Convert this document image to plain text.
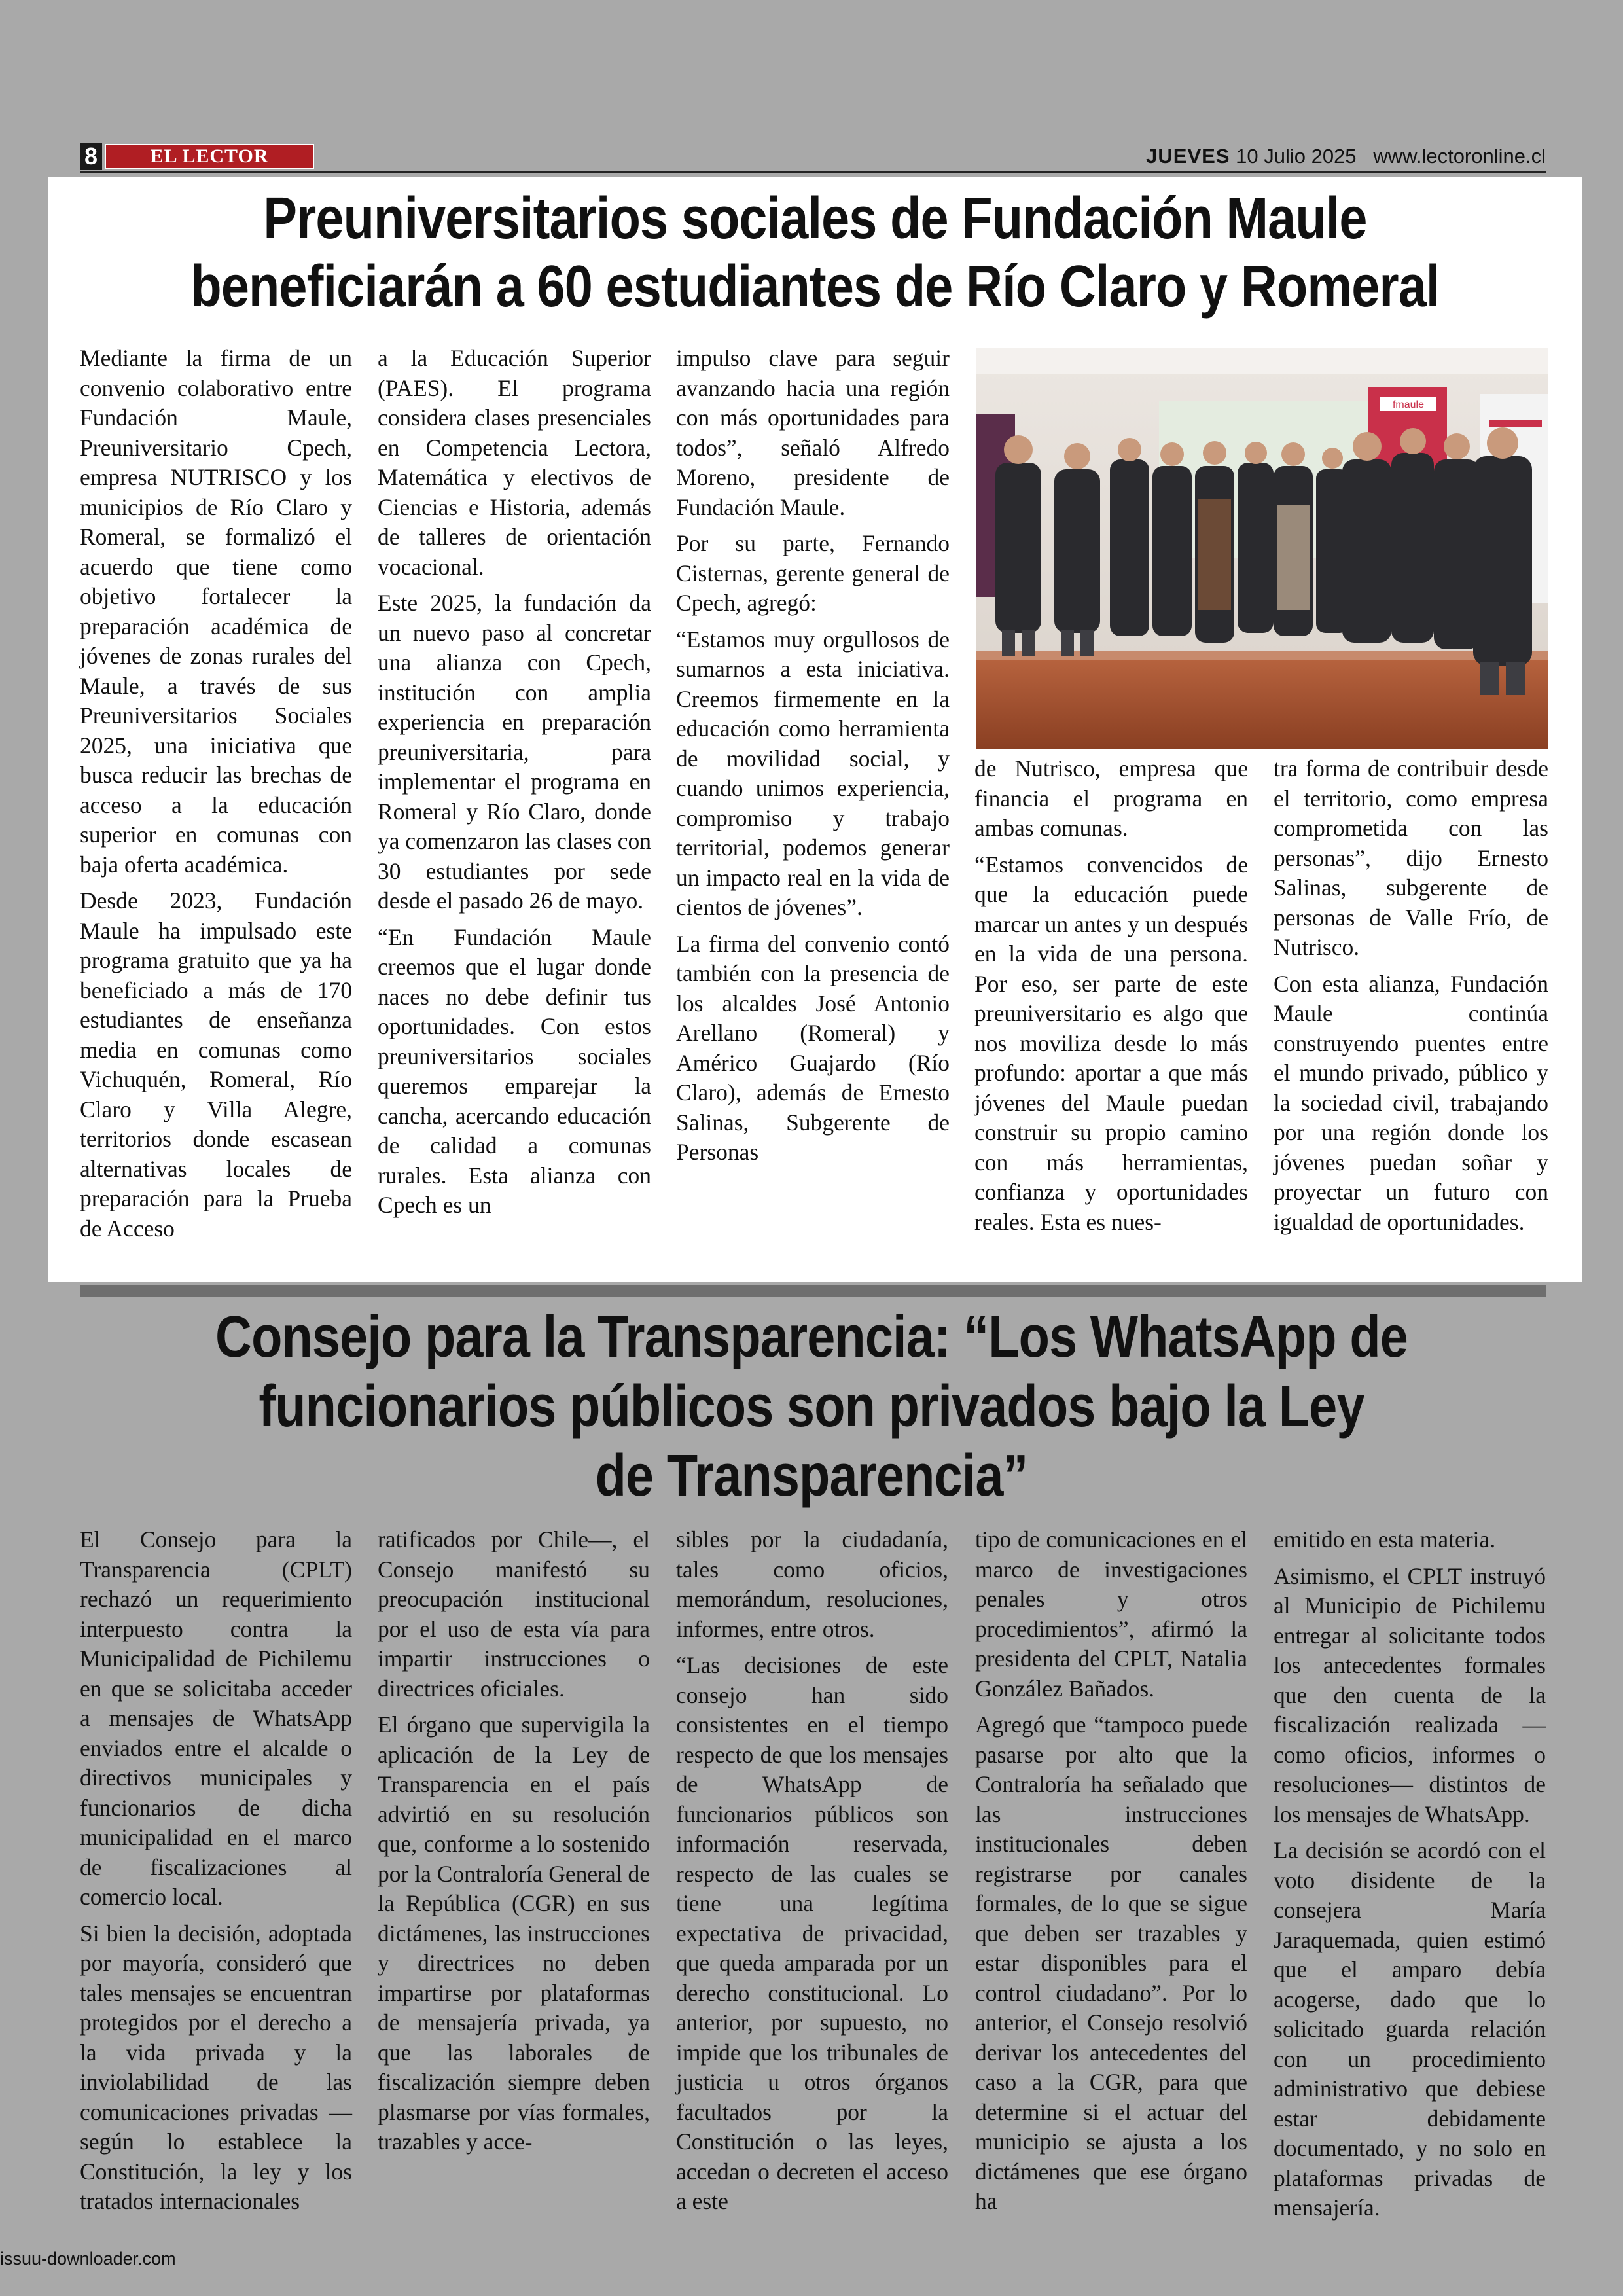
8	EL LECTOR	JUEVES 10 Julio 2025 www.lectoronline.cl
Preuniversitarios sociales de Fundación Maule
beneficiarán a 60 estudiantes de Río Claro y Romeral

Mediante la firma de un convenio colaborativo entre Fundación Maule, Preuniversitario Cpech, empresa NUTRISCO y los municipios de Río Claro y Romeral, se formalizó el acuerdo que tiene como objetivo fortalecer la preparación académica de jóvenes de zonas rurales del Maule, a través de sus Preuniversitarios Sociales 2025, una iniciativa que busca reducir las brechas de acceso a la educación superior en comunas con baja oferta académica.

Desde 2023, Fundación Maule ha impulsado este programa gratuito que ya ha beneficiado a más de 170 estudiantes de enseñanza media en comunas como Vichuquén, Romeral, Río Claro y Villa Alegre, territorios donde escasean alternativas locales de preparación para la Prueba de Acceso

a la Educación Superior (PAES). El programa considera clases presenciales en Competencia Lectora, Matemática y electivos de Ciencias e Historia, además de talleres de orientación vocacional.

Este 2025, la fundación da un nuevo paso al concretar una alianza con Cpech, institución con amplia experiencia en preparación preuniversitaria, para implementar el programa en Romeral y Río Claro, donde ya comenzaron las clases con 30 estudiantes por sede desde el pasado 26 de mayo.

“En Fundación Maule creemos que el lugar donde naces no debe definir tus oportunidades. Con estos preuniversitarios sociales queremos emparejar la cancha, acercando educación de calidad a comunas rurales. Esta alianza con Cpech es un

impulso clave para seguir avanzando hacia una región con más oportunidades para todos”, señaló Alfredo Moreno, presidente de Fundación Maule.

Por su parte, Fernando Cisternas, gerente general de Cpech, agregó:

“Estamos muy orgullosos de sumarnos a esta iniciativa. Creemos firmemente en la educación como herramienta de movilidad social, y cuando unimos experiencia, compromiso y trabajo territorial, podemos generar un impacto real en la vida de cientos de jóvenes”.

La firma del convenio contó también con la presencia de los alcaldes José Antonio Arellano (Romeral) y Américo Guajardo (Río Claro), además de Ernesto Salinas, Subgerente de Personas

fmaule

de Nutrisco, empresa que financia el programa en ambas comunas.

“Estamos convencidos de que la educación puede marcar un antes y un después en la vida de una persona. Por eso, ser parte de este preuniversitario es algo que nos moviliza desde lo más profundo: aportar a que más jóvenes del Maule puedan construir su propio camino con más herramientas, confianza y oportunidades reales. Esta es nues-

tra forma de contribuir desde el territorio, como empresa comprometida con las personas”, dijo Ernesto Salinas, subgerente de personas de Valle Frío, de Nutrisco.

Con esta alianza, Fundación Maule continúa construyendo puentes entre el mundo privado, público y la sociedad civil, trabajando por una región donde los jóvenes puedan soñar y proyectar un futuro con igualdad de oportunidades.

Consejo para la Transparencia: “Los WhatsApp de
funcionarios públicos son privados bajo la Ley
de Transparencia”

El Consejo para la Transparencia (CPLT) rechazó un requerimiento interpuesto contra la Municipalidad de Pichilemu en que se solicitaba acceder a mensajes de WhatsApp enviados entre el alcalde o directivos municipales y funcionarios de dicha municipalidad en el marco de fiscalizaciones al comercio local.

Si bien la decisión, adoptada por mayoría, consideró que tales mensajes se encuentran protegidos por el derecho a la vida privada y la inviolabilidad de las comunicaciones privadas —según lo establece la Constitución, la ley y los tratados internacionales

ratificados por Chile—, el Consejo manifestó su preocupación institucional por el uso de esta vía para impartir instrucciones o directrices oficiales.

El órgano que supervigila la aplicación de la Ley de Transparencia en el país advirtió en su resolución que, conforme a lo sostenido por la Contraloría General de la República (CGR) en sus dictámenes, las instrucciones y directrices no deben impartirse por plataformas de mensajería privada, ya que las laborales de fiscalización siempre deben plasmarse por vías formales, trazables y acce-

sibles por la ciudadanía, tales como oficios, memorándum, resoluciones, informes, entre otros.

“Las decisiones de este consejo han sido consistentes en el tiempo respecto de que los mensajes de WhatsApp de funcionarios públicos son información reservada, respecto de las cuales se tiene una legítima expectativa de privacidad, que queda amparada por un derecho constitucional. Lo anterior, por supuesto, no impide que los tribunales de justicia u otros órganos facultados por la Constitución o las leyes, accedan o decreten el acceso a este

tipo de comunicaciones en el marco de investigaciones penales y otros procedimientos”, afirmó la presidenta del CPLT, Natalia González Bañados.

Agregó que “tampoco puede pasarse por alto que la Contraloría ha señalado que las instrucciones institucionales deben registrarse por canales formales, de lo que se sigue que deben ser trazables y estar disponibles para el control ciudadano”. Por lo anterior, el Consejo resolvió derivar los antecedentes del caso a la CGR, para que determine si el actuar del municipio se ajusta a los dictámenes que ese órgano ha

emitido en esta materia.

Asimismo, el CPLT instruyó al Municipio de Pichilemu entregar al solicitante todos los antecedentes formales que den cuenta de la fiscalización realizada —como oficios, informes o resoluciones— distintos de los mensajes de WhatsApp.

La decisión se acordó con el voto disidente de la consejera María Jaraquemada, quien estimó que el amparo debía acogerse, dado que lo solicitado guarda relación con un procedimiento administrativo que debiese estar debidamente documentado, y no solo en plataformas privadas de mensajería.

issuu-downloader.com
